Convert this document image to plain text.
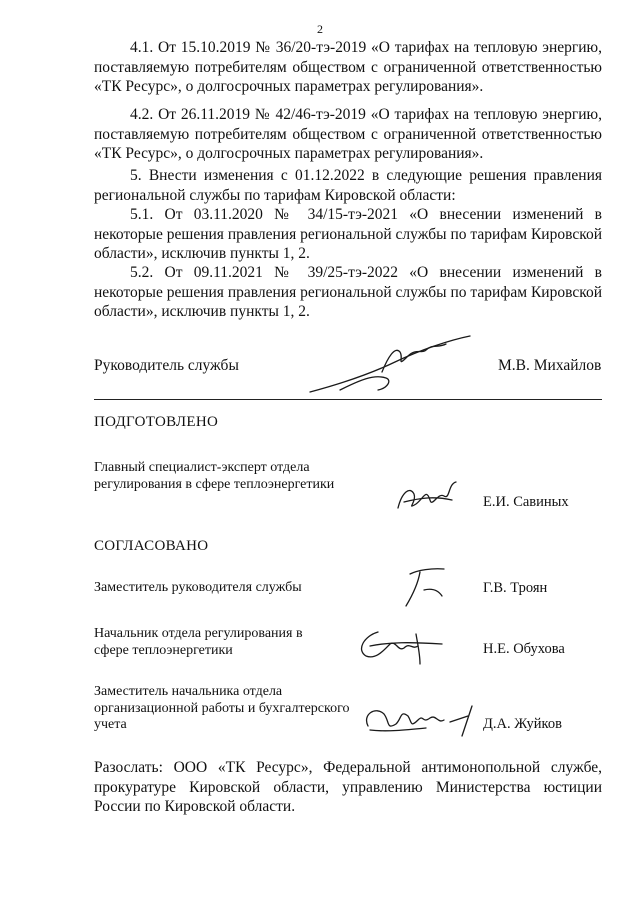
2

4.1. От 15.10.2019 № 36/20-тэ-2019 «О тарифах на тепловую энергию, поставляемую потребителям обществом с ограниченной ответственностью «ТК Ресурс», о долгосрочных параметрах регулирования».

4.2. От 26.11.2019 № 42/46-тэ-2019 «О тарифах на тепловую энергию, поставляемую потребителям обществом с ограниченной ответственностью «ТК Ресурс», о долгосрочных параметрах регулирования».

5. Внести изменения с 01.12.2022 в следующие решения правления региональной службы по тарифам Кировской области:

5.1. От 03.11.2020 № 34/15-тэ-2021 «О внесении изменений в некоторые решения правления региональной службы по тарифам Кировской области», исключив пункты 1, 2.

5.2. От 09.11.2021 № 39/25-тэ-2022 «О внесении изменений в некоторые решения правления региональной службы по тарифам Кировской области», исключив пункты 1, 2.

Руководитель службы	М.В. Михайлов
ПОДГОТОВЛЕНО
Главный специалист-эксперт отдела регулирования в сфере теплоэнергетики
Е.И. Савиных
СОГЛАСОВАНО
Заместитель руководителя службы	Г.В. Троян
Начальник отдела регулирования в сфере теплоэнергетики	Н.Е. Обухова
Заместитель начальника отдела организационной работы и бухгалтерского учета	Д.А. Жуйков

Разослать: ООО «ТК Ресурс», Федеральной антимонопольной службе, прокуратуре Кировской области, управлению Министерства юстиции России по Кировской области.
